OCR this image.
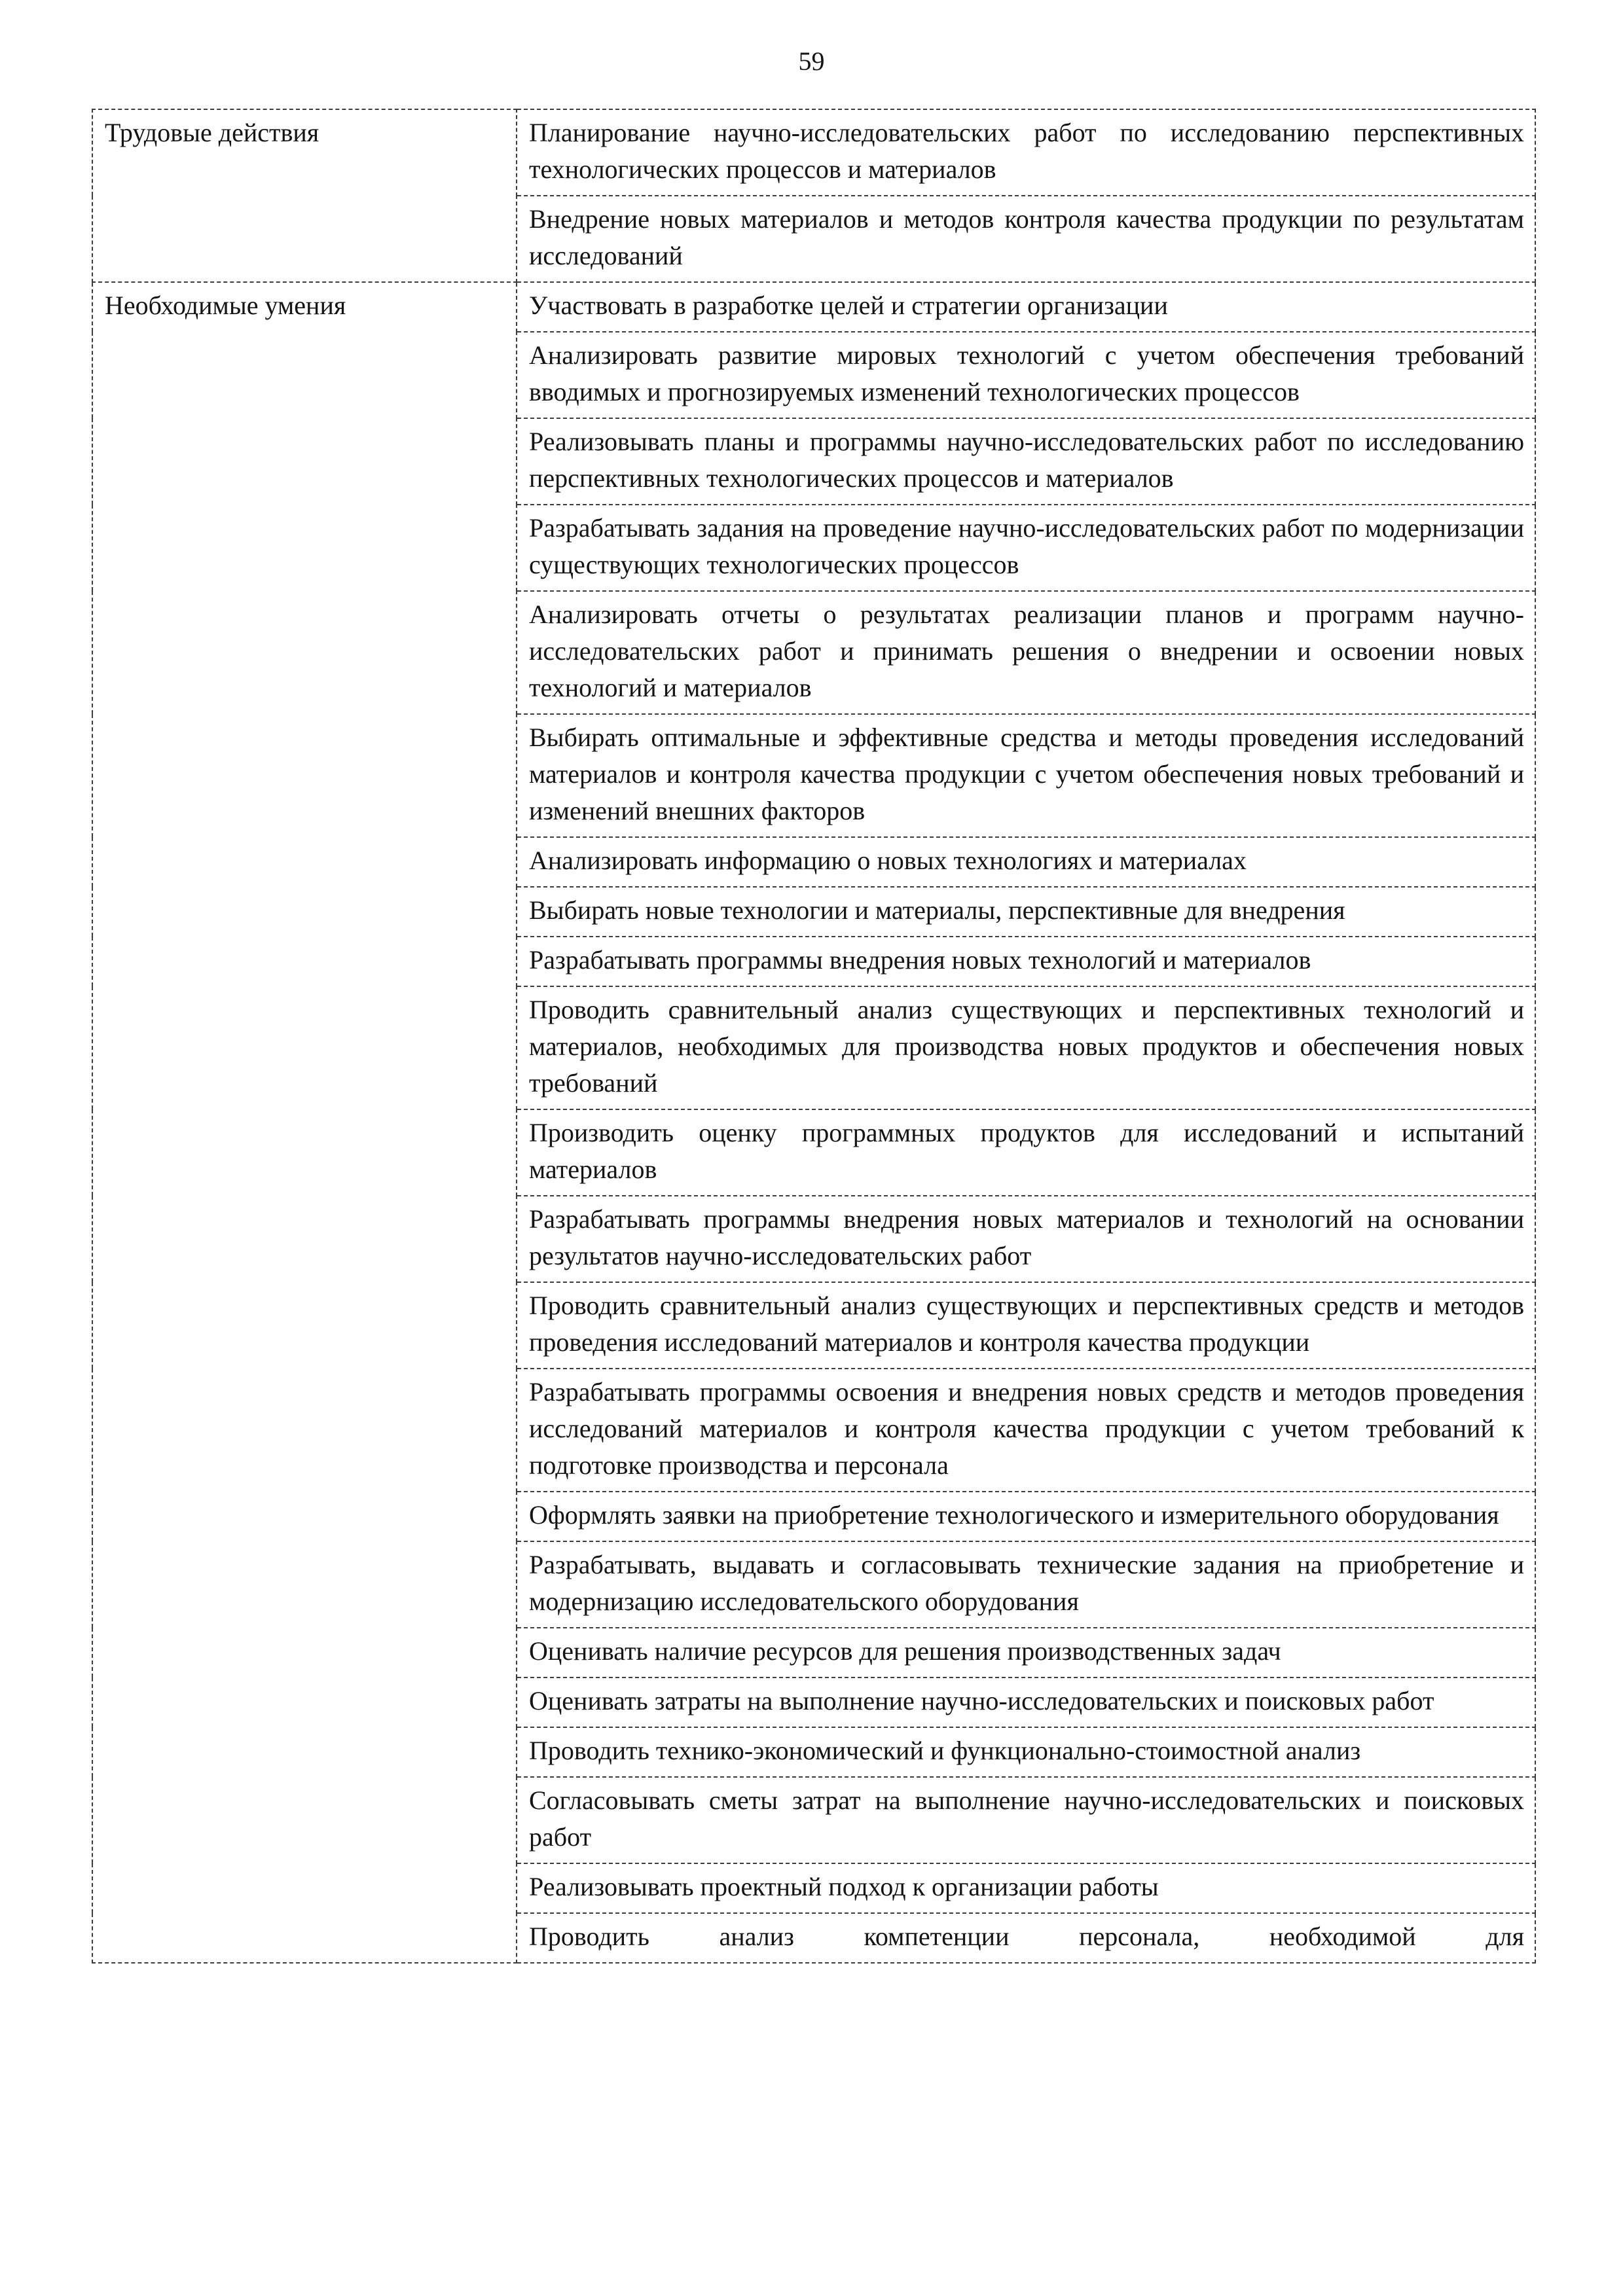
59
Трудовые действия	Планирование научно-исследовательских работ по исследованию перспективных технологических процессов и материалов
	Внедрение новых материалов и методов контроля качества продукции по результатам исследований
Необходимые умения	Участвовать в разработке целей и стратегии организации
	Анализировать развитие мировых технологий с учетом обеспечения требований вводимых и прогнозируемых изменений технологических процессов
	Реализовывать планы и программы научно-исследовательских работ по исследованию перспективных технологических процессов и материалов
	Разрабатывать задания на проведение научно-исследовательских работ по модернизации существующих технологических процессов
	Анализировать отчеты о результатах реализации планов и программ научно-исследовательских работ и принимать решения о внедрении и освоении новых технологий и материалов
	Выбирать оптимальные и эффективные средства и методы проведения исследований материалов и контроля качества продукции с учетом обеспечения новых требований и изменений внешних факторов
	Анализировать информацию о новых технологиях и материалах
	Выбирать новые технологии и материалы, перспективные для внедрения
	Разрабатывать программы внедрения новых технологий и материалов
	Проводить сравнительный анализ существующих и перспективных технологий и материалов, необходимых для производства новых продуктов и обеспечения новых требований
	Производить оценку программных продуктов для исследований и испытаний материалов
	Разрабатывать программы внедрения новых материалов и технологий на основании результатов научно-исследовательских работ
	Проводить сравнительный анализ существующих и перспективных средств и методов проведения исследований материалов и контроля качества продукции
	Разрабатывать программы освоения и внедрения новых средств и методов проведения исследований материалов и контроля качества продукции с учетом требований к подготовке производства и персонала
	Оформлять заявки на приобретение технологического и измерительного оборудования
	Разрабатывать, выдавать и согласовывать технические задания на приобретение и модернизацию исследовательского оборудования
	Оценивать наличие ресурсов для решения производственных задач
	Оценивать затраты на выполнение научно-исследовательских и поисковых работ
	Проводить технико-экономический и функционально-стоимостной анализ
	Согласовывать сметы затрат на выполнение научно-исследовательских и поисковых работ
	Реализовывать проектный подход к организации работы
	Проводить анализ компетенции персонала, необходимой для
